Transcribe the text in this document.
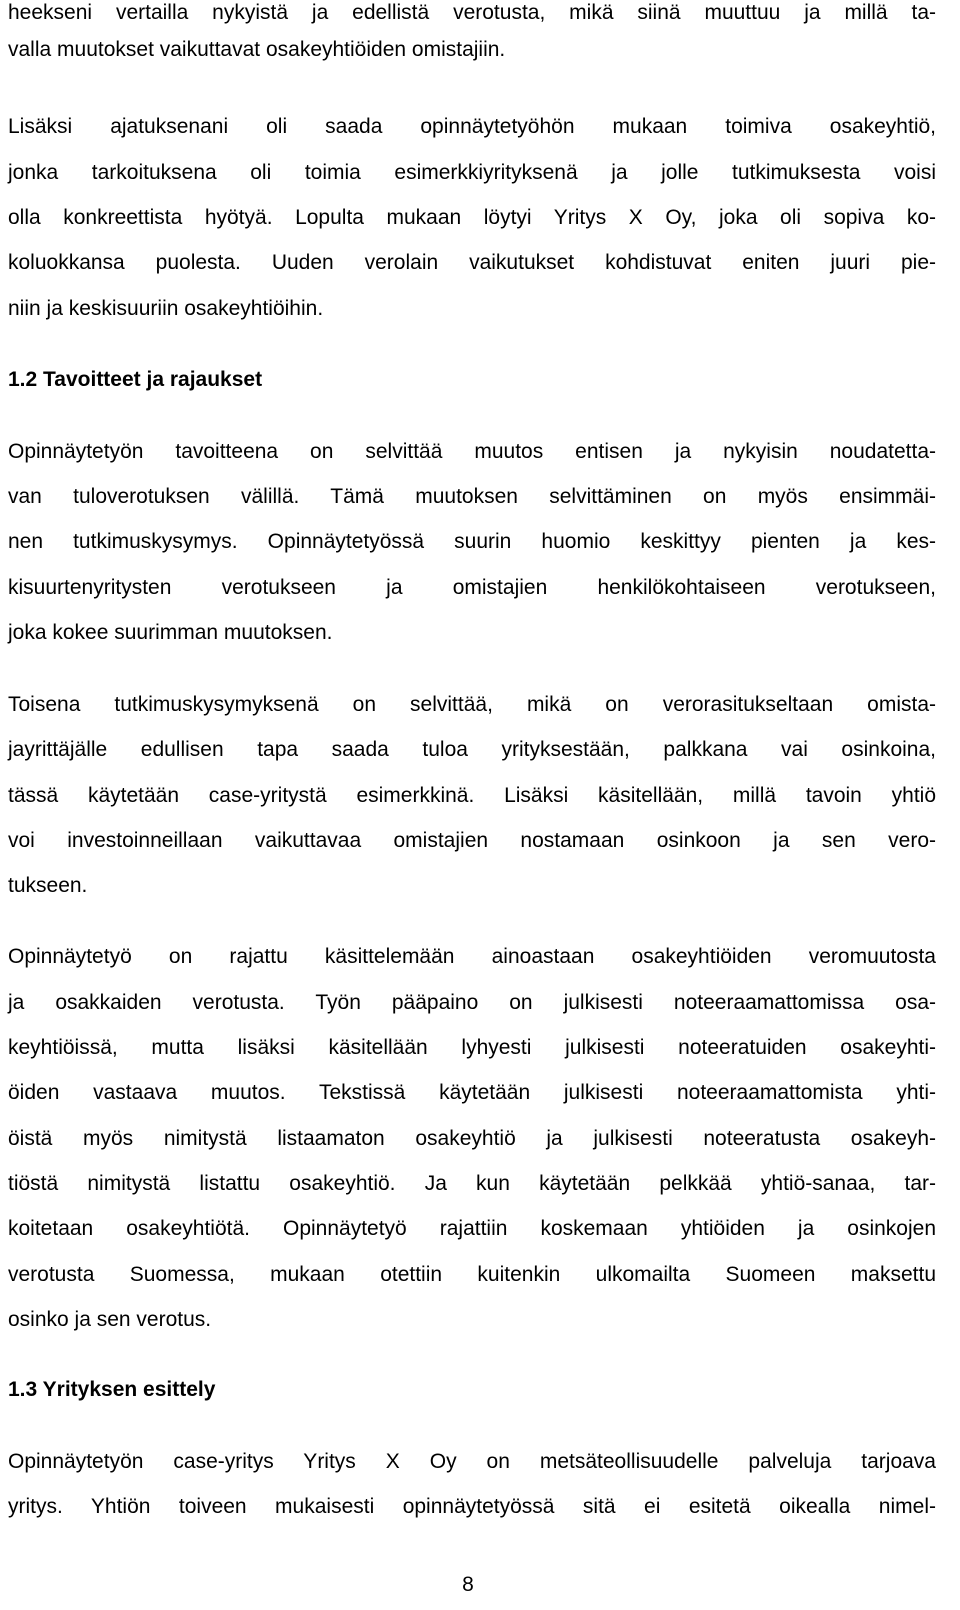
heekseni vertailla nykyistä ja edellistä verotusta, mikä siinä muuttuu ja millä ta-
valla muutokset vaikuttavat osakeyhtiöiden omistajiin.
Lisäksi ajatuksenani oli saada opinnäytetyöhön mukaan toimiva osakeyhtiö,
jonka tarkoituksena oli toimia esimerkkiyrityksenä ja jolle tutkimuksesta voisi
olla konkreettista hyötyä. Lopulta mukaan löytyi Yritys X Oy, joka oli sopiva ko-
koluokkansa puolesta. Uuden verolain vaikutukset kohdistuvat eniten juuri pie-
niin ja keskisuuriin osakeyhtiöihin.
1.2 Tavoitteet ja rajaukset
Opinnäytetyön tavoitteena on selvittää muutos entisen ja nykyisin noudatetta-
van tuloverotuksen välillä. Tämä muutoksen selvittäminen on myös ensimmäi-
nen tutkimuskysymys. Opinnäytetyössä suurin huomio keskittyy pienten ja kes-
kisuurtenyritysten verotukseen ja omistajien henkilökohtaiseen verotukseen,
joka kokee suurimman muutoksen.
Toisena tutkimuskysymyksenä on selvittää, mikä on verorasitukseltaan omista-
jayrittäjälle edullisen tapa saada tuloa yrityksestään, palkkana vai osinkoina,
tässä käytetään case-yritystä esimerkkinä. Lisäksi käsitellään, millä tavoin yhtiö
voi investoinneillaan vaikuttavaa omistajien nostamaan osinkoon ja sen vero-
tukseen.
Opinnäytetyö on rajattu käsittelemään ainoastaan osakeyhtiöiden veromuutosta
ja osakkaiden verotusta. Työn pääpaino on julkisesti noteeraamattomissa osa-
keyhtiöissä, mutta lisäksi käsitellään lyhyesti julkisesti noteeratuiden osakeyhti-
öiden vastaava muutos. Tekstissä käytetään julkisesti noteeraamattomista yhti-
öistä myös nimitystä listaamaton osakeyhtiö ja julkisesti noteeratusta osakeyh-
tiöstä nimitystä listattu osakeyhtiö. Ja kun käytetään pelkkää yhtiö-sanaa, tar-
koitetaan osakeyhtiötä. Opinnäytetyö rajattiin koskemaan yhtiöiden ja osinkojen
verotusta Suomessa, mukaan otettiin kuitenkin ulkomailta Suomeen maksettu
osinko ja sen verotus.
1.3 Yrityksen esittely
Opinnäytetyön case-yritys Yritys X Oy on metsäteollisuudelle palveluja tarjoava
yritys. Yhtiön toiveen mukaisesti opinnäytetyössä sitä ei esitetä oikealla nimel-
8
